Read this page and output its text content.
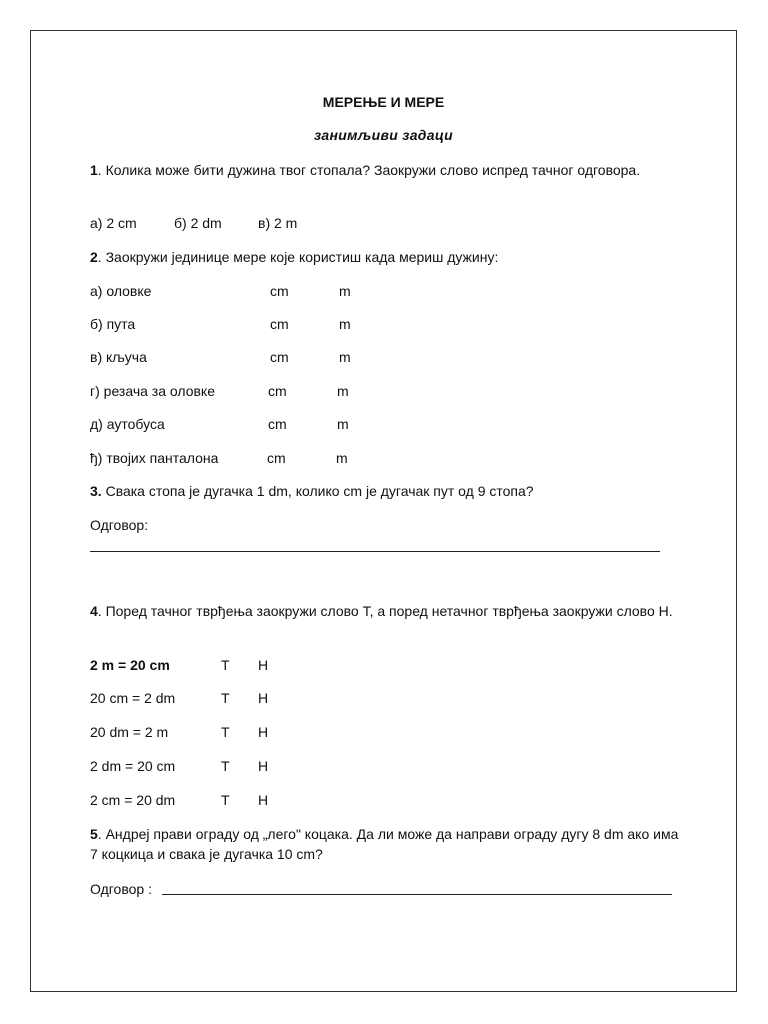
МЕРЕЊЕ И МЕРЕ
занимљиви задаци
1. Колика може бити дужина твог стопала? Заокружи слово испред тачног одговора.
а) 2 cm	б) 2 dm	в) 2 m
2. Заокружи јединице мере које користиш када мериш дужину:
а) оловке	cm	m
б) пута	cm	m
в) кључа	cm	m
г) резача за оловке	cm	m
д) аутобуса	cm	m
ђ) твојих панталона	cm	m
3. Свака стопа је дугачка 1 dm, колико cm је дугачак пут од 9 стопа?
Одговор:
4. Поред тачног тврђења заокружи слово Т, а поред нетачног тврђења заокружи слово Н.
2 m = 20 cm	Т Н
20 cm = 2 dm	Т Н
20 dm = 2 m	Т Н
2 dm = 20 cm	Т Н
2 cm = 20 dm	Т Н
5. Андреј прави ограду од „лего" коцака. Да ли може да направи ограду дугу 8 dm ако има 7 коцкица и свака је дугачка 10 cm?
Одговор :
